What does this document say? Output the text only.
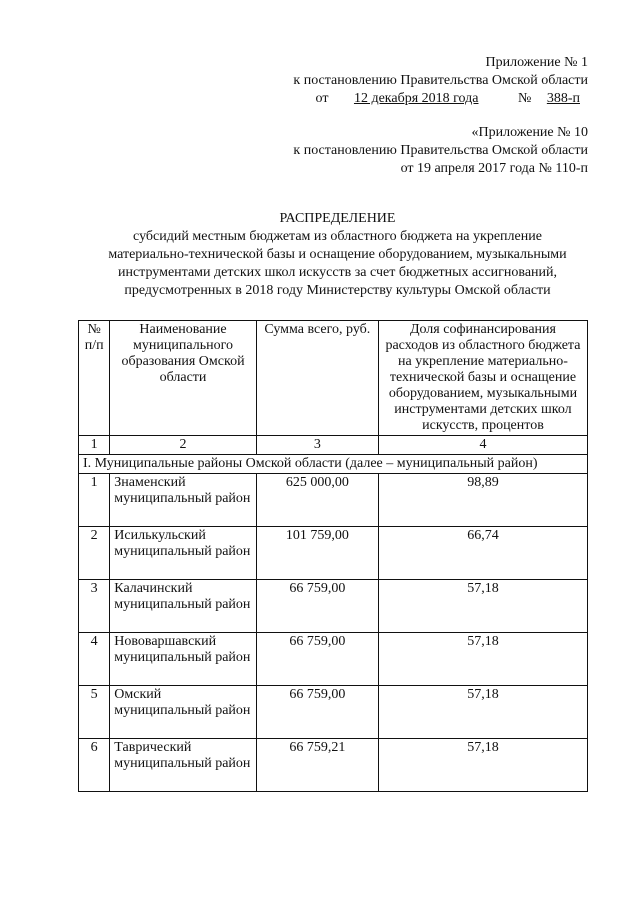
Приложение № 1
к постановлению Правительства Омской области
от 12 декабря 2018 года	№ 388-п
«Приложение № 10
к постановлению Правительства Омской области
от 19 апреля 2017 года № 110-п
РАСПРЕДЕЛЕНИЕ
субсидий местным бюджетам из областного бюджета на укрепление
материально-технической базы и оснащение оборудованием, музыкальными
инструментами детских школ искусств за счет бюджетных ассигнований,
предусмотренных в 2018 году Министерству культуры Омской области
№ п/п	Наименование муниципального образования Омской области	Сумма всего, руб.	Доля софинансирования расходов из областного бюджета на укрепление материально-технической базы и оснащение оборудованием, музыкальными инструментами детских школ искусств, процентов
1	2	3	4
I. Муниципальные районы Омской области (далее – муниципальный район)			
1	Знаменский муниципальный район	625 000,00	98,89
2	Исилькульский муниципальный район	101 759,00	66,74
3	Калачинский муниципальный район	66 759,00	57,18
4	Нововаршавский муниципальный район	66 759,00	57,18
5	Омский муниципальный район	66 759,00	57,18
6	Таврический муниципальный район	66 759,21	57,18
